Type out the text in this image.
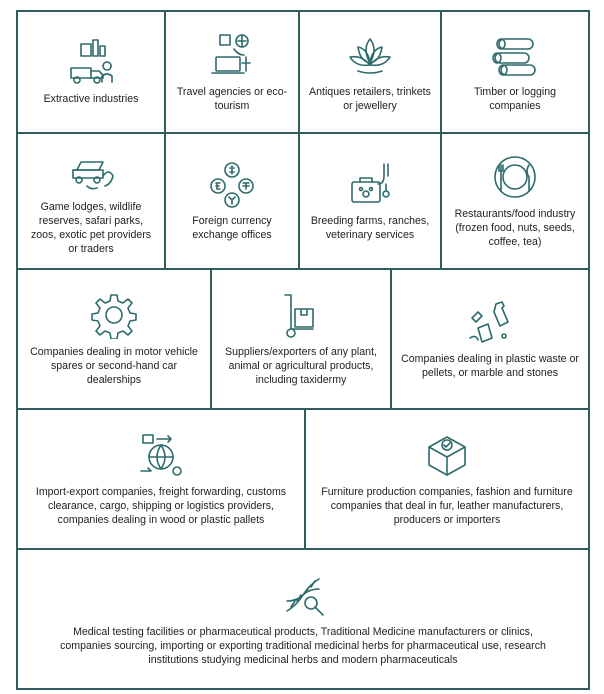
Extractive industries
Travel agencies or eco-tourism
Antiques retailers, trinkets or jewellery
Timber or logging companies
Game lodges, wildlife reserves, safari parks, zoos, exotic pet providers or traders
Foreign currency exchange offices
Breeding farms, ranches, veterinary services
Restaurants/food industry (frozen food, nuts, seeds, coffee, tea)
Companies dealing in motor vehicle spares or second-hand car dealerships
Suppliers/exporters of any plant, animal or agricultural products, including taxidermy
Companies dealing in plastic waste or pellets, or marble and stones
Import-export companies, freight forwarding, customs clearance, cargo, shipping or logistics providers, companies dealing in wood or plastic pallets
Furniture production companies, fashion and furniture companies that deal in fur, leather manufacturers, producers or importers
Medical testing facilities or pharmaceutical products, Traditional Medicine manufacturers or clinics, companies sourcing, importing or exporting traditional medicinal herbs for pharmaceutical use, research institutions studying medicinal herbs and modern pharmaceuticals
